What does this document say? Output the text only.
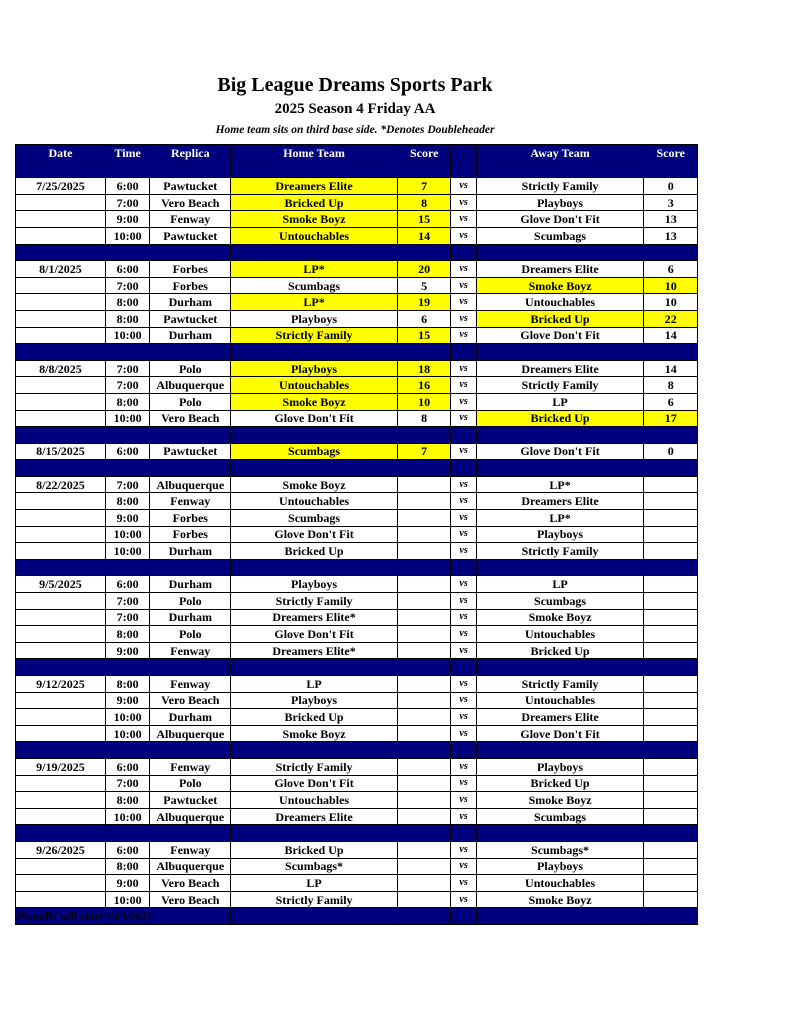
Big League Dreams Sports Park
2025 Season 4 Friday AA
Home team sits on third base side. *Denotes Doubleheader
Date	Time	Replica	Home Team	Score		Away Team	Score

7/25/2025	6:00	Pawtucket	Dreamers Elite	7	vs	Strictly Family	0
	7:00	Vero Beach	Bricked Up	8	vs	Playboys	3
	9:00	Fenway	Smoke Boyz	15	vs	Glove Don't Fit	13
	10:00	Pawtucket	Untouchables	14	vs	Scumbags	13

8/1/2025	6:00	Forbes	LP*	20	vs	Dreamers Elite	6
	7:00	Forbes	Scumbags	5	vs	Smoke Boyz	10
	8:00	Durham	LP*	19	vs	Untouchables	10
	8:00	Pawtucket	Playboys	6	vs	Bricked Up	22
	10:00	Durham	Strictly Family	15	vs	Glove Don't Fit	14

8/8/2025	7:00	Polo	Playboys	18	vs	Dreamers Elite	14
	7:00	Albuquerque	Untouchables	16	vs	Strictly Family	8
	8:00	Polo	Smoke Boyz	10	vs	LP	6
	10:00	Vero Beach	Glove Don't Fit	8	vs	Bricked Up	17

8/15/2025	6:00	Pawtucket	Scumbags	7	vs	Glove Don't Fit	0

8/22/2025	7:00	Albuquerque	Smoke Boyz		vs	LP*	
	8:00	Fenway	Untouchables		vs	Dreamers Elite	
	9:00	Forbes	Scumbags		vs	LP*	
	10:00	Forbes	Glove Don't Fit		vs	Playboys	
	10:00	Durham	Bricked Up		vs	Strictly Family	

9/5/2025	6:00	Durham	Playboys		vs	LP	
	7:00	Polo	Strictly Family		vs	Scumbags	
	7:00	Durham	Dreamers Elite*		vs	Smoke Boyz	
	8:00	Polo	Glove Don't Fit		vs	Untouchables	
	9:00	Fenway	Dreamers Elite*		vs	Bricked Up	

9/12/2025	8:00	Fenway	LP		vs	Strictly Family	
	9:00	Vero Beach	Playboys		vs	Untouchables	
	10:00	Durham	Bricked Up		vs	Dreamers Elite	
	10:00	Albuquerque	Smoke Boyz		vs	Glove Don't Fit	

9/19/2025	6:00	Fenway	Strictly Family		vs	Playboys	
	7:00	Polo	Glove Don't Fit		vs	Bricked Up	
	8:00	Pawtucket	Untouchables		vs	Smoke Boyz	
	10:00	Albuquerque	Dreamers Elite		vs	Scumbags	

9/26/2025	6:00	Fenway	Bricked Up		vs	Scumbags*	
	8:00	Albuquerque	Scumbags*		vs	Playboys	
	9:00	Vero Beach	LP		vs	Untouchables	
	10:00	Vero Beach	Strictly Family		vs	Smoke Boyz	

Playoffs will start 10/3/2025
